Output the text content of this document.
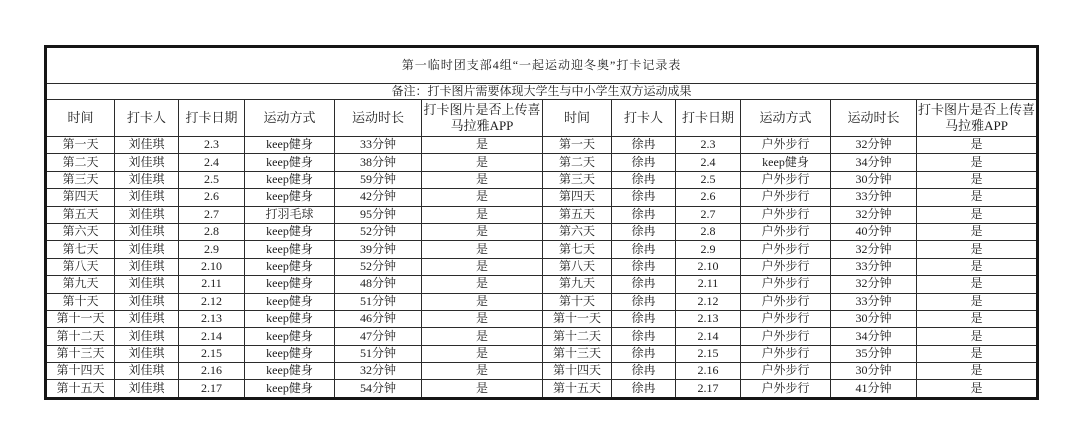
第一临时团支部4组“一起运动迎冬奥”打卡记录表											
备注：打卡图片需要体现大学生与中小学生双方运动成果											
时间	打卡人	打卡日期	运动方式	运动时长	打卡图片是否上传喜马拉雅APP	时间	打卡人	打卡日期	运动方式	运动时长	打卡图片是否上传喜马拉雅APP
第一天	刘佳琪	2.3	keep健身	33分钟	是	第一天	徐冉	2.3	户外步行	32分钟	是
第二天	刘佳琪	2.4	keep健身	38分钟	是	第二天	徐冉	2.4	keep健身	34分钟	是
第三天	刘佳琪	2.5	keep健身	59分钟	是	第三天	徐冉	2.5	户外步行	30分钟	是
第四天	刘佳琪	2.6	keep健身	42分钟	是	第四天	徐冉	2.6	户外步行	33分钟	是
第五天	刘佳琪	2.7	打羽毛球	95分钟	是	第五天	徐冉	2.7	户外步行	32分钟	是
第六天	刘佳琪	2.8	keep健身	52分钟	是	第六天	徐冉	2.8	户外步行	40分钟	是
第七天	刘佳琪	2.9	keep健身	39分钟	是	第七天	徐冉	2.9	户外步行	32分钟	是
第八天	刘佳琪	2.10	keep健身	52分钟	是	第八天	徐冉	2.10	户外步行	33分钟	是
第九天	刘佳琪	2.11	keep健身	48分钟	是	第九天	徐冉	2.11	户外步行	32分钟	是
第十天	刘佳琪	2.12	keep健身	51分钟	是	第十天	徐冉	2.12	户外步行	33分钟	是
第十一天	刘佳琪	2.13	keep健身	46分钟	是	第十一天	徐冉	2.13	户外步行	30分钟	是
第十二天	刘佳琪	2.14	keep健身	47分钟	是	第十二天	徐冉	2.14	户外步行	34分钟	是
第十三天	刘佳琪	2.15	keep健身	51分钟	是	第十三天	徐冉	2.15	户外步行	35分钟	是
第十四天	刘佳琪	2.16	keep健身	32分钟	是	第十四天	徐冉	2.16	户外步行	30分钟	是
第十五天	刘佳琪	2.17	keep健身	54分钟	是	第十五天	徐冉	2.17	户外步行	41分钟	是
